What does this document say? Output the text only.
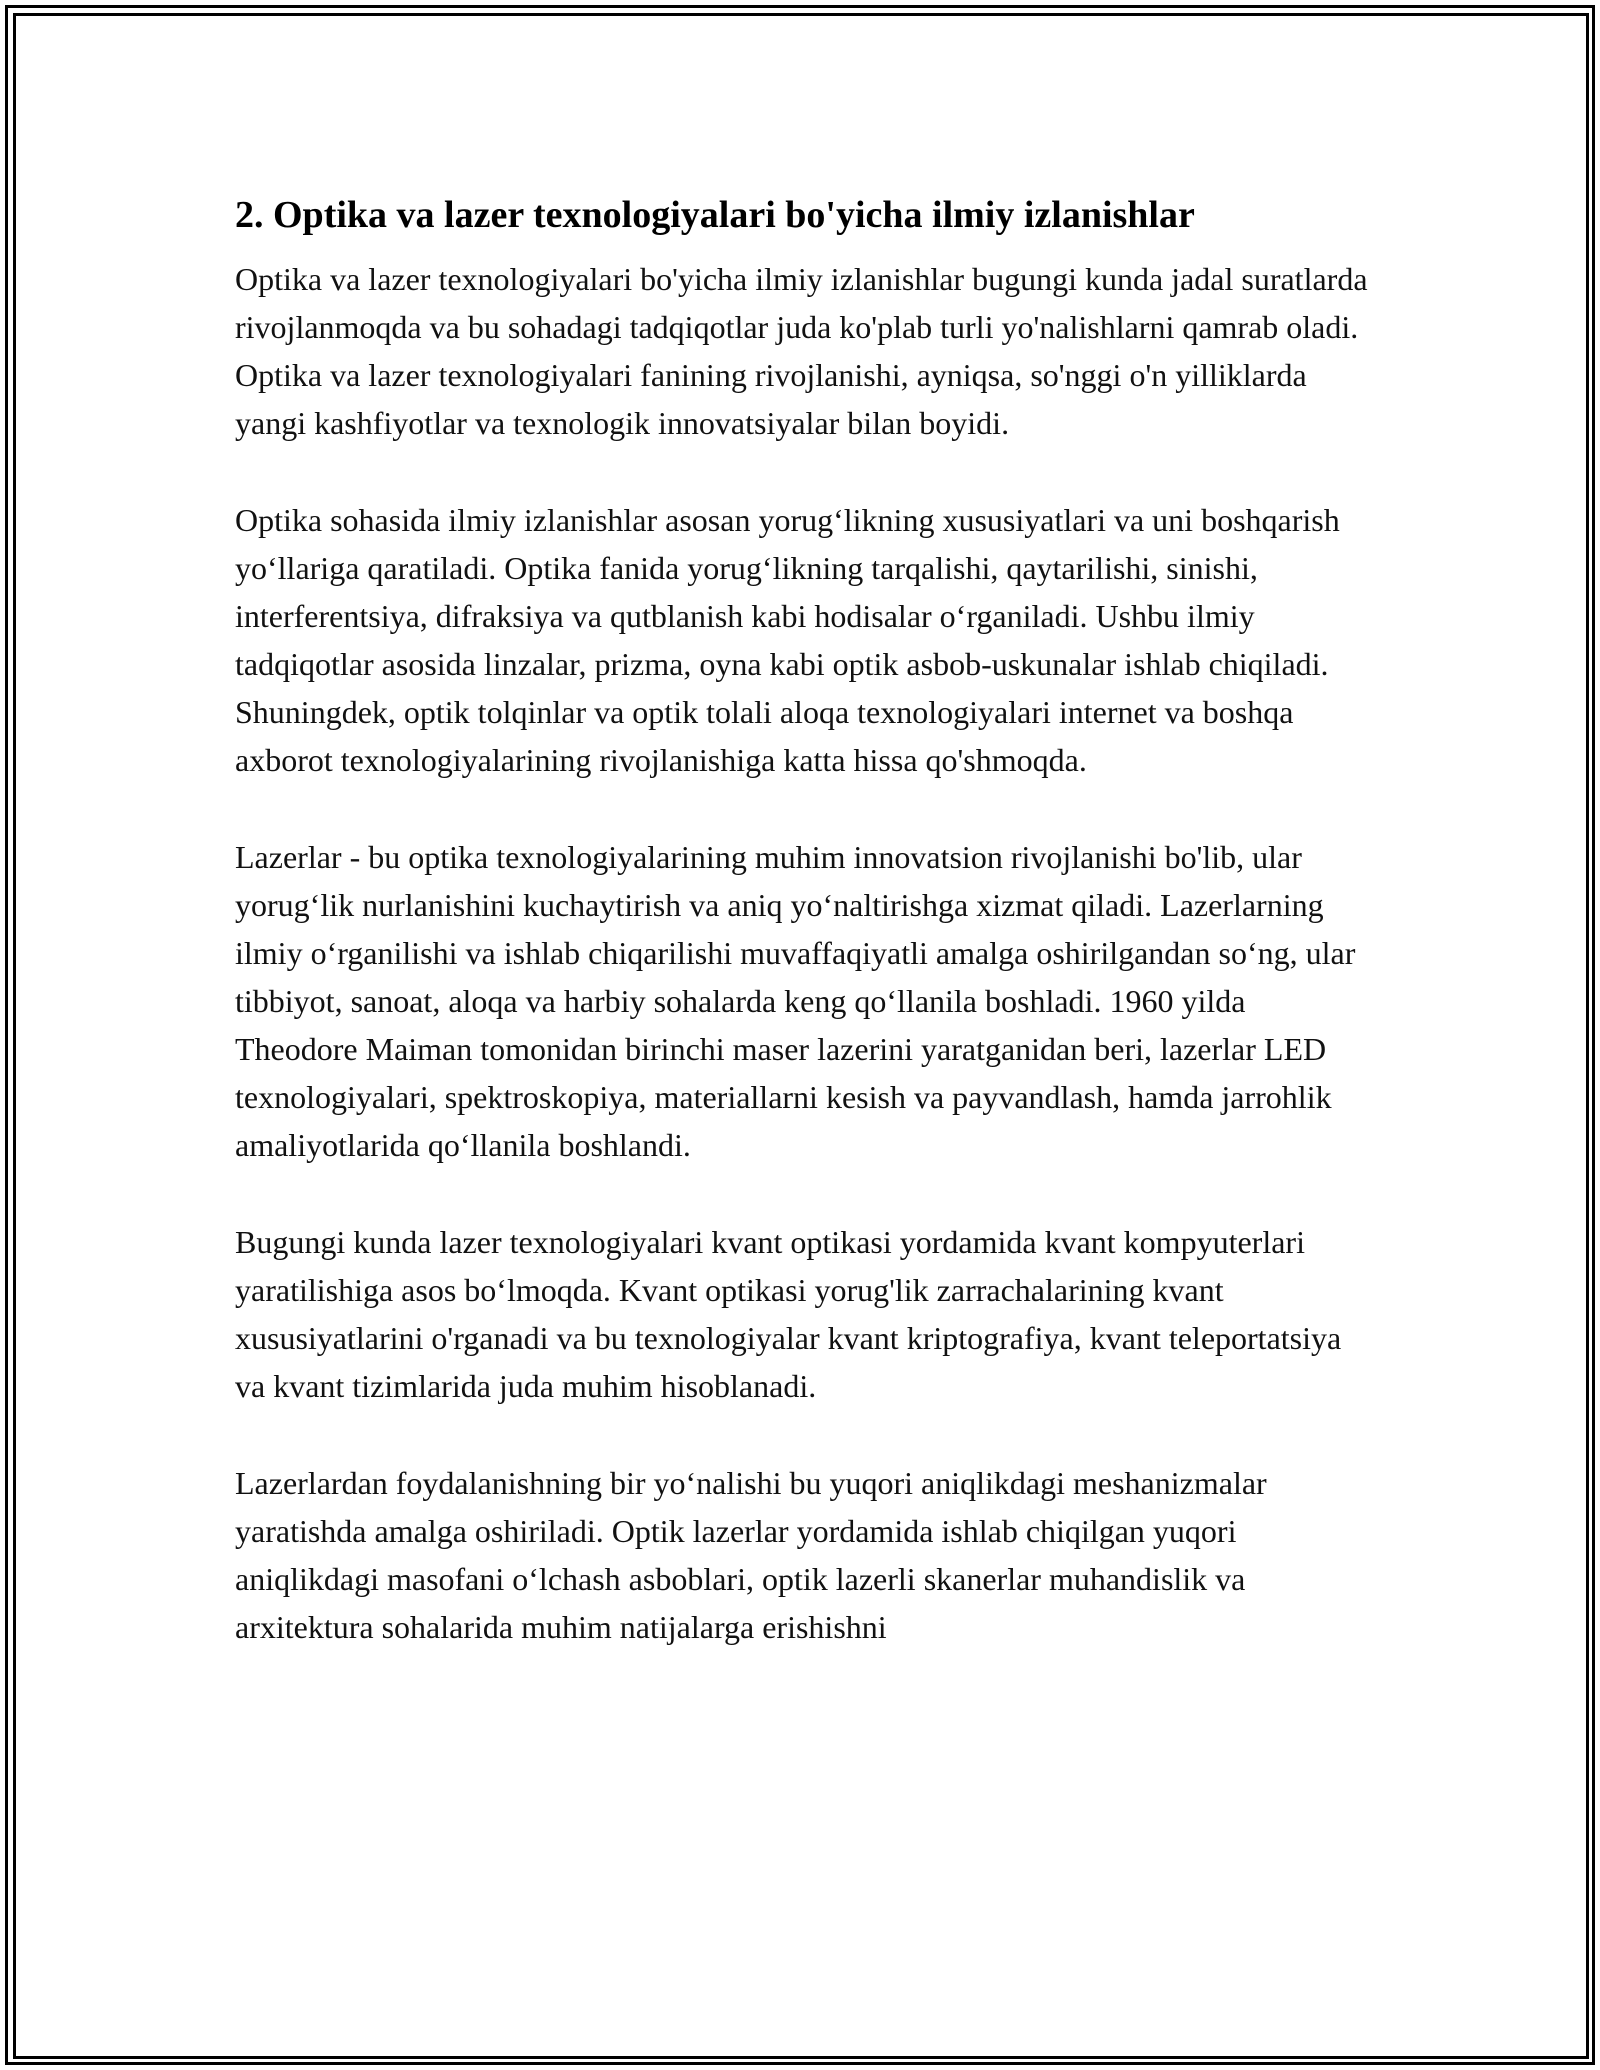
2. Optika va lazer texnologiyalari bo'yicha ilmiy izlanishlar

Optika va lazer texnologiyalari bo'yicha ilmiy izlanishlar bugungi kunda jadal suratlarda rivojlanmoqda va bu sohadagi tadqiqotlar juda ko'plab turli yo'nalishlarni qamrab oladi. Optika va lazer texnologiyalari fanining rivojlanishi, ayniqsa, so'nggi o'n yilliklarda yangi kashfiyotlar va texnologik innovatsiyalar bilan boyidi.

Optika sohasida ilmiy izlanishlar asosan yorug‘likning xususiyatlari va uni boshqarish yo‘llariga qaratiladi. Optika fanida yorug‘likning tarqalishi, qaytarilishi, sinishi, interferentsiya, difraksiya va qutblanish kabi hodisalar o‘rganiladi. Ushbu ilmiy tadqiqotlar asosida linzalar, prizma, oyna kabi optik asbob-uskunalar ishlab chiqiladi. Shuningdek, optik tolqinlar va optik tolali aloqa texnologiyalari internet va boshqa axborot texnologiyalarining rivojlanishiga katta hissa qo'shmoqda.

Lazerlar - bu optika texnologiyalarining muhim innovatsion rivojlanishi bo'lib, ular yorug‘lik nurlanishini kuchaytirish va aniq yo‘naltirishga xizmat qiladi. Lazerlarning ilmiy o‘rganilishi va ishlab chiqarilishi muvaffaqiyatli amalga oshirilgandan so‘ng, ular tibbiyot, sanoat, aloqa va harbiy sohalarda keng qo‘llanila boshladi. 1960 yilda Theodore Maiman tomonidan birinchi maser lazerini yaratganidan beri, lazerlar LED texnologiyalari, spektroskopiya, materiallarni kesish va payvandlash, hamda jarrohlik amaliyotlarida qo‘llanila boshlandi.

Bugungi kunda lazer texnologiyalari kvant optikasi yordamida kvant kompyuterlari yaratilishiga asos bo‘lmoqda. Kvant optikasi yorug'lik zarrachalarining kvant xususiyatlarini o'rganadi va bu texnologiyalar kvant kriptografiya, kvant teleportatsiya va kvant tizimlarida juda muhim hisoblanadi.

Lazerlardan foydalanishning bir yo‘nalishi bu yuqori aniqlikdagi meshanizmalar yaratishda amalga oshiriladi. Optik lazerlar yordamida ishlab chiqilgan yuqori aniqlikdagi masofani o‘lchash asboblari, optik lazerli skanerlar muhandislik va arxitektura sohalarida muhim natijalarga erishishni
